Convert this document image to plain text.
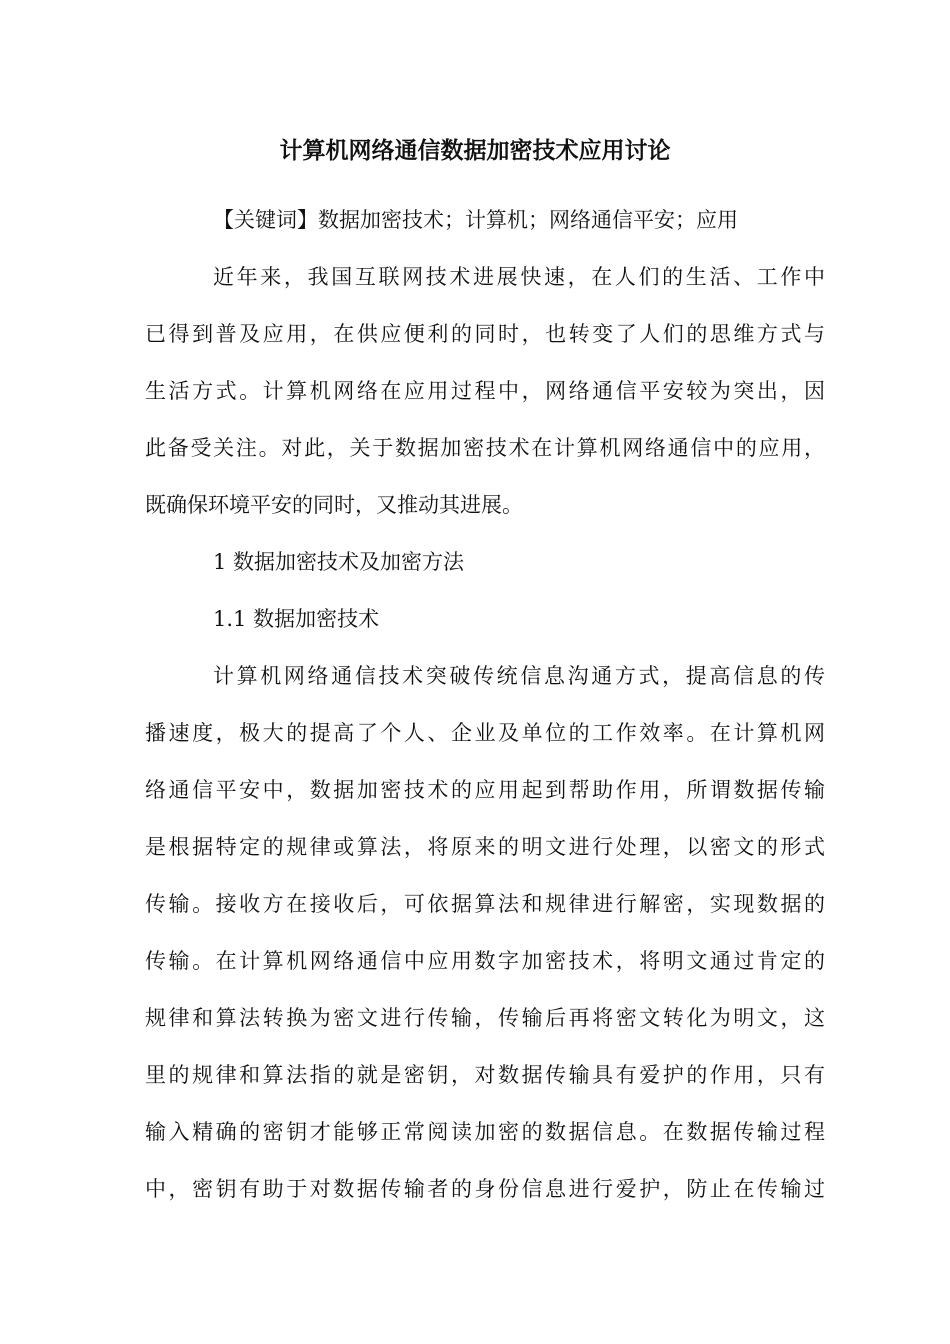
计算机网络通信数据加密技术应用讨论
【关键词】数据加密技术；计算机；网络通信平安；应用
近年来，我国互联网技术进展快速，在人们的生活、工作中
已得到普及应用，在供应便利的同时，也转变了人们的思维方式与
生活方式。计算机网络在应用过程中，网络通信平安较为突出，因
此备受关注。对此，关于数据加密技术在计算机网络通信中的应用，
既确保环境平安的同时，又推动其进展。
1 数据加密技术及加密方法
1.1 数据加密技术
计算机网络通信技术突破传统信息沟通方式，提高信息的传
播速度，极大的提高了个人、企业及单位的工作效率。在计算机网
络通信平安中，数据加密技术的应用起到帮助作用，所谓数据传输
是根据特定的规律或算法，将原来的明文进行处理，以密文的形式
传输。接收方在接收后，可依据算法和规律进行解密，实现数据的
传输。在计算机网络通信中应用数字加密技术，将明文通过肯定的
规律和算法转换为密文进行传输，传输后再将密文转化为明文，这
里的规律和算法指的就是密钥，对数据传输具有爱护的作用，只有
输入精确的密钥才能够正常阅读加密的数据信息。在数据传输过程
中，密钥有助于对数据传输者的身份信息进行爱护，防止在传输过
